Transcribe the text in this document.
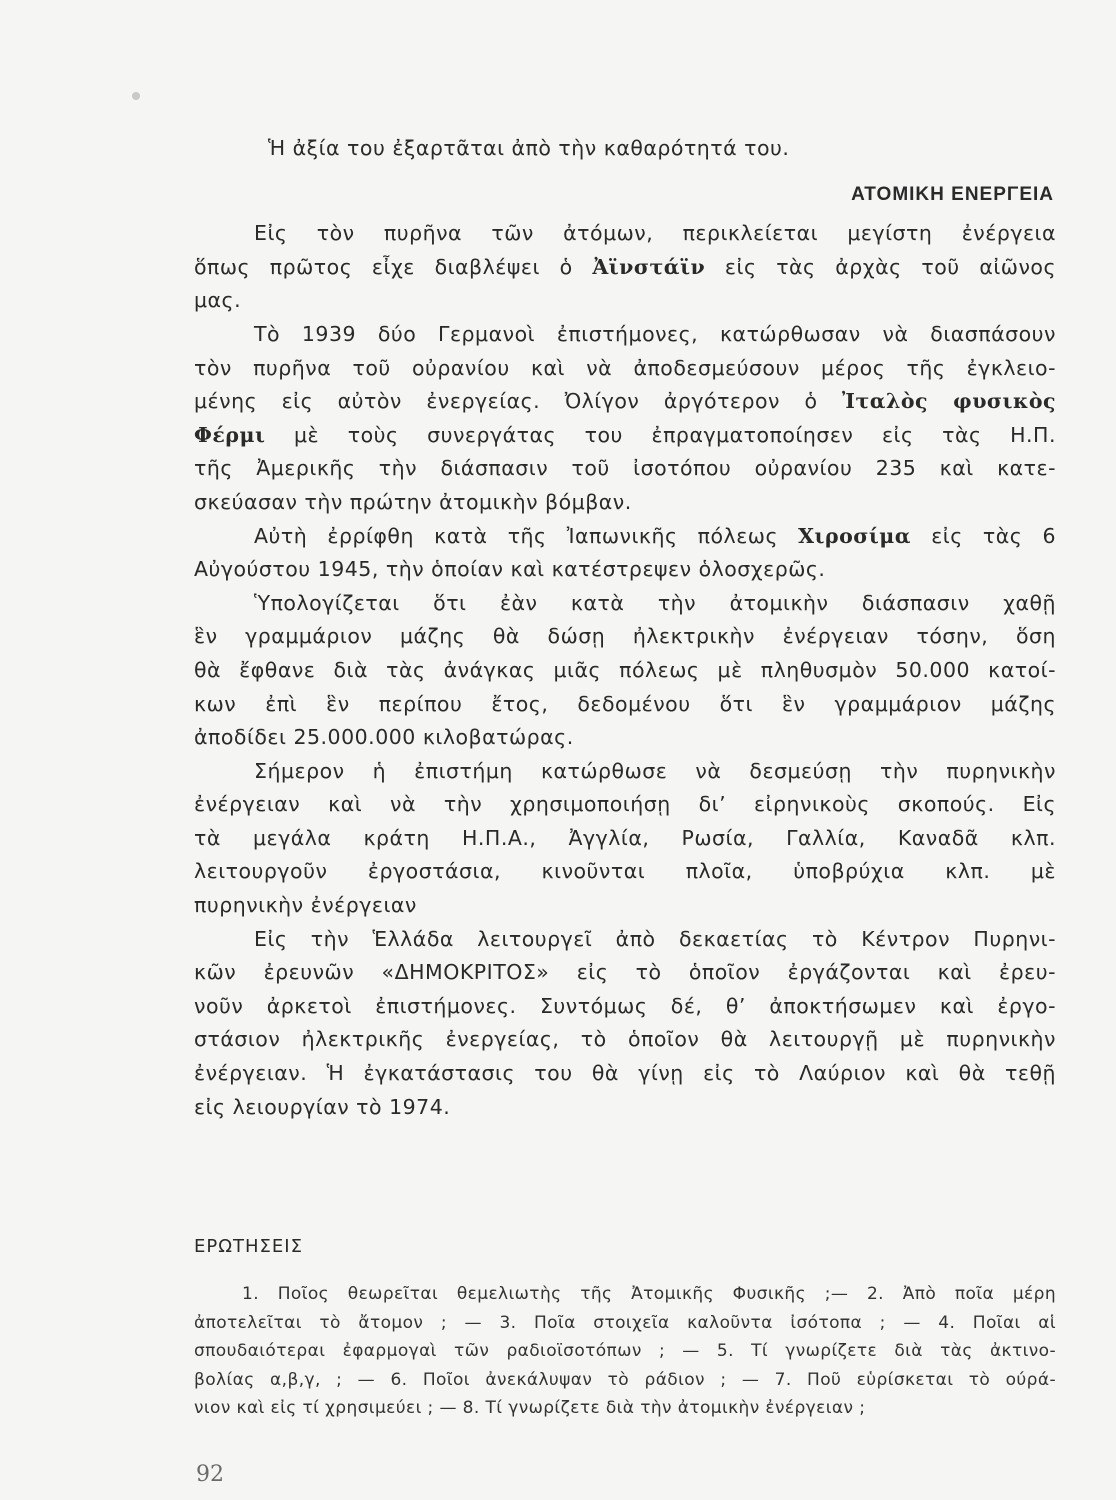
Ἡ ἀξία του ἐξαρτᾶται ἀπὸ τὴν καθαρότητά του.
ΑΤΟΜΙΚΗ ΕΝΕΡΓΕΙΑ
Εἰς τὸν πυρῆνα τῶν ἀτόμων, περικλείεται μεγίστη ἐνέργεια
ὅπως πρῶτος εἶχε διαβλέψει ὁ Ἀϊνστάϊν εἰς τὰς ἀρχὰς τοῦ αἰῶνος
μας.
Τὸ 1939 δύο Γερμανοὶ ἐπιστήμονες, κατώρθωσαν νὰ διασπάσουν
τὸν πυρῆνα τοῦ οὐρανίου καὶ νὰ ἀποδεσμεύσουν μέρος τῆς ἐγκλειο-
μένης εἰς αὐτὸν ἐνεργείας. Ὀλίγον ἀργότερον ὁ Ἰταλὸς φυσικὸς
Φέρμι μὲ τοὺς συνεργάτας του ἐπραγματοποίησεν εἰς τὰς Η.Π.
τῆς Ἀμερικῆς τὴν διάσπασιν τοῦ ἰσοτόπου οὐρανίου 235 καὶ κατε-
σκεύασαν τὴν πρώτην ἀτομικὴν βόμβαν.
Αὐτὴ ἐρρίφθη κατὰ τῆς Ἰαπωνικῆς πόλεως Χιροσίμα εἰς τὰς 6
Αὐγούστου 1945, τὴν ὁποίαν καὶ κατέστρεψεν ὁλοσχερῶς.
Ὑπολογίζεται ὅτι ἐὰν κατὰ τὴν ἀτομικὴν διάσπασιν χαθῇ
ἓν γραμμάριον μάζης θὰ δώσῃ ἠλεκτρικὴν ἐνέργειαν τόσην, ὅση
θὰ ἔφθανε διὰ τὰς ἀνάγκας μιᾶς πόλεως μὲ πληθυσμὸν 50.000 κατοί-
κων ἐπὶ ἓν περίπου ἔτος, δεδομένου ὅτι ἓν γραμμάριον μάζης
ἀποδίδει 25.000.000 κιλοβατώρας.
Σήμερον ἡ ἐπιστήμη κατώρθωσε νὰ δεσμεύσῃ τὴν πυρηνικὴν
ἐνέργειαν καὶ νὰ τὴν χρησιμοποιήσῃ δι’ εἰρηνικοὺς σκοπούς. Εἰς
τὰ μεγάλα κράτη Η.Π.Α., Ἀγγλία, Ρωσία, Γαλλία, Καναδᾶ κλπ.
λειτουργοῦν ἐργοστάσια, κινοῦνται πλοῖα, ὑποβρύχια κλπ. μὲ
πυρηνικὴν ἐνέργειαν
Εἰς τὴν Ἑλλάδα λειτουργεῖ ἀπὸ δεκαετίας τὸ Κέντρον Πυρηνι-
κῶν ἐρευνῶν «ΔΗΜΟΚΡΙΤΟΣ» εἰς τὸ ὁποῖον ἐργάζονται καὶ ἐρευ-
νοῦν ἀρκετοὶ ἐπιστήμονες. Συντόμως δέ, θ’ ἀποκτήσωμεν καὶ ἐργο-
στάσιον ἠλεκτρικῆς ἐνεργείας, τὸ ὁποῖον θὰ λειτουργῇ μὲ πυρηνικὴν
ἐνέργειαν. Ἡ ἐγκατάστασις του θὰ γίνῃ εἰς τὸ Λαύριον καὶ θὰ τεθῇ
εἰς λειουργίαν τὸ 1974.
ΕΡΩΤΗΣΕΙΣ
1. Ποῖος θεωρεῖται θεμελιωτὴς τῆς Ἀτομικῆς Φυσικῆς ;— 2. Ἀπὸ ποῖα μέρη
ἀποτελεῖται τὸ ἄτομον ; — 3. Ποῖα στοιχεῖα καλοῦντα ἰσότοπα ; — 4. Ποῖαι αἱ
σπουδαιότεραι ἐφαρμογαὶ τῶν ραδιοϊσοτόπων ; — 5. Τί γνωρίζετε διὰ τὰς ἀκτινο-
βολίας α,β,γ, ; — 6. Ποῖοι ἀνεκάλυψαν τὸ ράδιον ; — 7. Ποῦ εὑρίσκεται τὸ ούρά-
νιον καὶ εἰς τί χρησιμεύει ; — 8. Τί γνωρίζετε διὰ τὴν ἀτομικὴν ἐνέργειαν ;
92
